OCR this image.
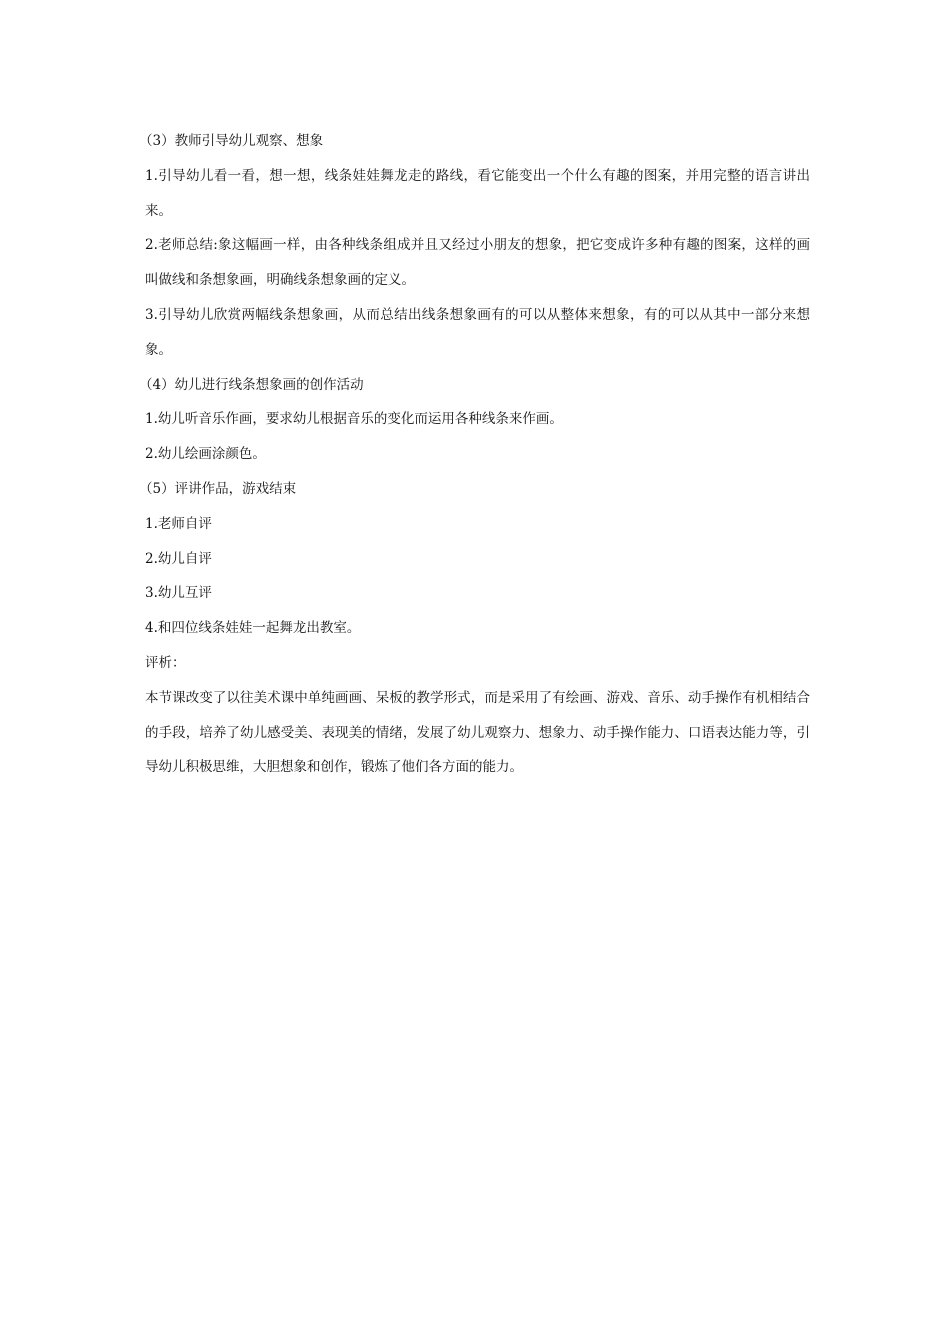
（3）教师引导幼儿观察、想象

1.引导幼儿看一看，想一想，线条娃娃舞龙走的路线，看它能变出一个什么有趣的图案，并用完整的语言讲出来。

2.老师总结:象这幅画一样，由各种线条组成并且又经过小朋友的想象，把它变成许多种有趣的图案，这样的画叫做线和条想象画，明确线条想象画的定义。

3.引导幼儿欣赏两幅线条想象画，从而总结出线条想象画有的可以从整体来想象，有的可以从其中一部分来想象。

（4）幼儿进行线条想象画的创作活动

1.幼儿听音乐作画，要求幼儿根据音乐的变化而运用各种线条来作画。

2.幼儿绘画涂颜色。

（5）评讲作品，游戏结束

1.老师自评

2.幼儿自评

3.幼儿互评

4.和四位线条娃娃一起舞龙出教室。

评析：

本节课改变了以往美术课中单纯画画、呆板的教学形式，而是采用了有绘画、游戏、音乐、动手操作有机相结合的手段，培养了幼儿感受美、表现美的情绪，发展了幼儿观察力、想象力、动手操作能力、口语表达能力等，引导幼儿积极思维，大胆想象和创作，锻炼了他们各方面的能力。
